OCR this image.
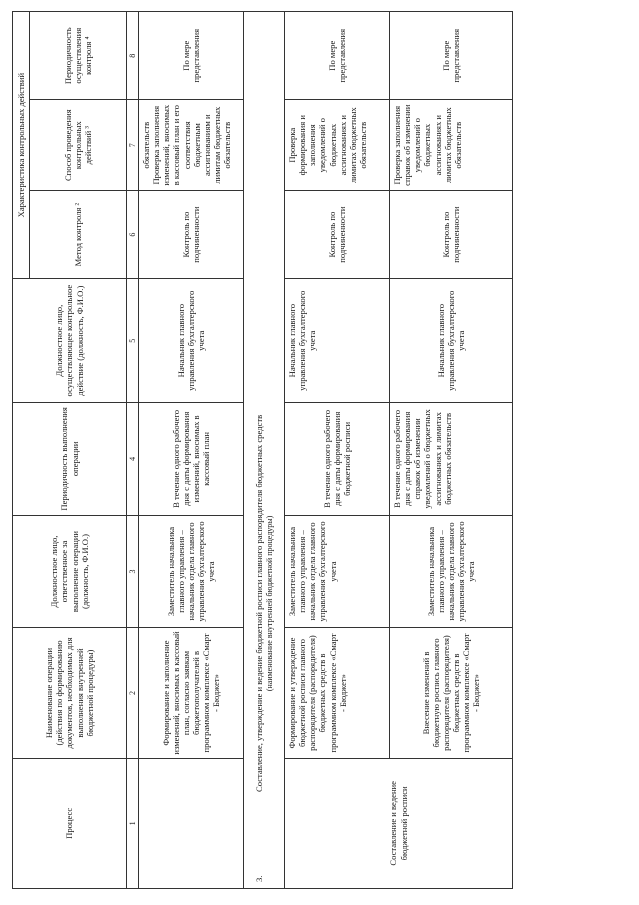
Процесс	Наименование операции (действия по формированию документов, необходимых для выполнения внутренней бюджетной процедуры)	Должностное лицо, ответственное за выполнение операции (должность, Ф.И.О.)	Периодичность выполнения операции	Должностное лицо, осуществляющее контрольное действие (должность, Ф.И.О.)	Характеристика контрольных действий		
					Метод контроля ²	Способ проведения контрольных действий ³	Периодичность осуществления контроля ⁴
1	2	3	4	5	6	7	8
	Формирование и заполнение изменений, вносимых в кассовый план, согласно заявкам бюджетополучателей в программном комплексе «Смарт - Бюджет»	Заместитель начальника главного управления – начальник отдела главного управления бухгалтерского учета	В течение одного рабочего дня с даты формирования изменений, вносимых в кассовый план	Начальник главного управления бухгалтерского учета	Контроль по подчиненности	обязательств Проверка заполнения изменений, вносимых в кассовый план и его соответствия бюджетным ассигнованиям и лимитам бюджетных обязательств	По мере представления
3.Составление, утверждение и ведение бюджетной росписи главного распорядителя бюджетных средств
(наименование внутренней бюджетной процедуры)							
Составление и ведение бюджетной росписи	Формирование и утверждение бюджетной росписи главного распорядителя (распорядителя) бюджетных средств в программном комплексе «Смарт - Бюджет»	Заместитель начальника главного управления – начальник отдела главного управления бухгалтерского учета	В течение одного рабочего дня с даты формирования бюджетной росписи	Начальник главного управления бухгалтерского учета	Контроль по подчиненности	Проверка формирования и заполнения уведомлений о бюджетных ассигнованиях и лимитах бюджетных обязательств	По мере представления
	Внесение изменений в бюджетную роспись главного распорядителя (распорядителя) бюджетных средств в программном комплексе «Смарт - Бюджет»	Заместитель начальника главного управления – начальник отдела главного управления бухгалтерского учета	В течение одного рабочего дня с даты формирования справок об изменении уведомлений о бюджетных ассигнованиях и лимитах бюджетных обязательств	Начальник главного управления бухгалтерского учета	Контроль по подчиненности	Проверка заполнения справок об изменении уведомлений о бюджетных ассигнованиях и лимитах бюджетных обязательств	По мере представления
